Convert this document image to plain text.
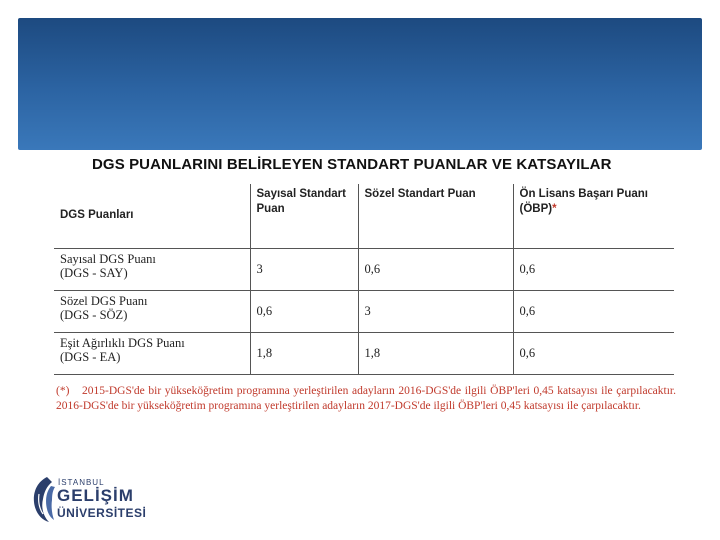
DGS PUANLARINI BELİRLEYEN STANDART PUANLAR VE KATSAYILAR
DGS Puanları	Sayısal Standart Puan	Sözel Standart Puan	Ön Lisans Başarı Puanı (ÖBP)*

Sayısal DGS Puanı
(DGS - SAY)	3	0,6	0,6

Sözel DGS Puanı
(DGS - SÖZ)	0,6	3	0,6

Eşit Ağırlıklı DGS Puanı
(DGS - EA)	1,8	1,8	0,6
(*) 2015-DGS'de bir yükseköğretim programına yerleştirilen adayların 2016-DGS'de ilgili ÖBP'leri 0,45 katsayısı ile çarpılacaktır. 2016-DGS'de bir yükseköğretim programına yerleştirilen adayların 2017-DGS'de ilgili ÖBP'leri 0,45 katsayısı ile çarpılacaktır.
İSTANBUL
GELİŞİM
ÜNİVERSİTESİ
